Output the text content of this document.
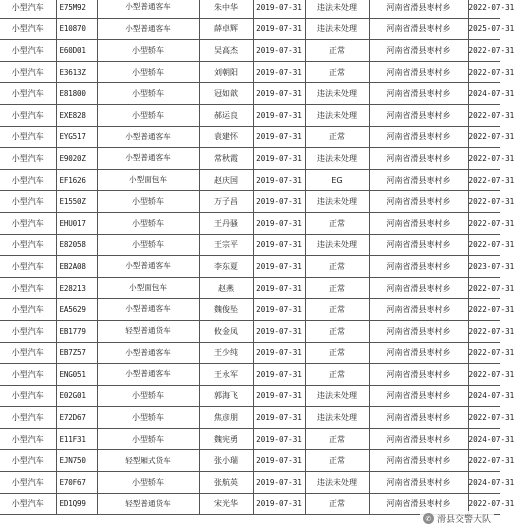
小型汽车	E75M92	小型普通客车	朱中华	2019-07-31	违法未处理	河南省滑县枣村乡	2022-07-31
小型汽车	E10870	小型普通客车	薛卓辉	2019-07-31	违法未处理	河南省滑县枣村乡	2025-07-31
小型汽车	E60D01	小型轿车	吴高杰	2019-07-31	正常	河南省滑县枣村乡	2022-07-31
小型汽车	E3613Z	小型轿车	刘朝阳	2019-07-31	正常	河南省滑县枣村乡	2022-07-31
小型汽车	E81800	小型轿车	冠如歆	2019-07-31	违法未处理	河南省滑县枣村乡	2024-07-31
小型汽车	EXE828	小型轿车	郝运良	2019-07-31	违法未处理	河南省滑县枣村乡	2022-07-31
小型汽车	EYG517	小型普通客车	袁建怀	2019-07-31	正常	河南省滑县枣村乡	2022-07-31
小型汽车	E9020Z	小型普通客车	常秋霞	2019-07-31	违法未处理	河南省滑县枣村乡	2022-07-31
小型汽车	EF1626	小型面包车	赵庆国	2019-07-31	EG	河南省滑县枣村乡	2022-07-31
小型汽车	E1550Z	小型轿车	万子昌	2019-07-31	违法未处理	河南省滑县枣村乡	2022-07-31
小型汽车	EHU017	小型轿车	王丹骚	2019-07-31	正常	河南省滑县枣村乡	2022-07-31
小型汽车	E82058	小型轿车	王宗平	2019-07-31	违法未处理	河南省滑县枣村乡	2022-07-31
小型汽车	EB2A08	小型普通客车	李东夏	2019-07-31	正常	河南省滑县枣村乡	2023-07-31
小型汽车	E28213	小型面包车	赵燕	2019-07-31	正常	河南省滑县枣村乡	2022-07-31
小型汽车	EA5629	小型普通客车	魏俊坠	2019-07-31	正常	河南省滑县枣村乡	2022-07-31
小型汽车	EB1779	轻型普通货车	攸金凤	2019-07-31	正常	河南省滑县枣村乡	2022-07-31
小型汽车	EB7Z57	小型普通客车	王少纯	2019-07-31	正常	河南省滑县枣村乡	2022-07-31
小型汽车	ENG051	小型普通客车	王永军	2019-07-31	正常	河南省滑县枣村乡	2022-07-31
小型汽车	E02G01	小型轿车	郭海飞	2019-07-31	违法未处理	河南省滑县枣村乡	2024-07-31
小型汽车	E72D67	小型轿车	焦彦朋	2019-07-31	违法未处理	河南省滑县枣村乡	2022-07-31
小型汽车	E11F31	小型轿车	魏宪勇	2019-07-31	正常	河南省滑县枣村乡	2024-07-31
小型汽车	EJN750	轻型厢式货车	张小瑞	2019-07-31	正常	河南省滑县枣村乡	2022-07-31
小型汽车	E70F67	小型轿车	张航英	2019-07-31	违法未处理	河南省滑县枣村乡	2024-07-31
小型汽车	ED1Q99	轻型普通货车	宋光华	2019-07-31	正常	河南省滑县枣村乡	2022-07-31
✆ 滑县交警大队
